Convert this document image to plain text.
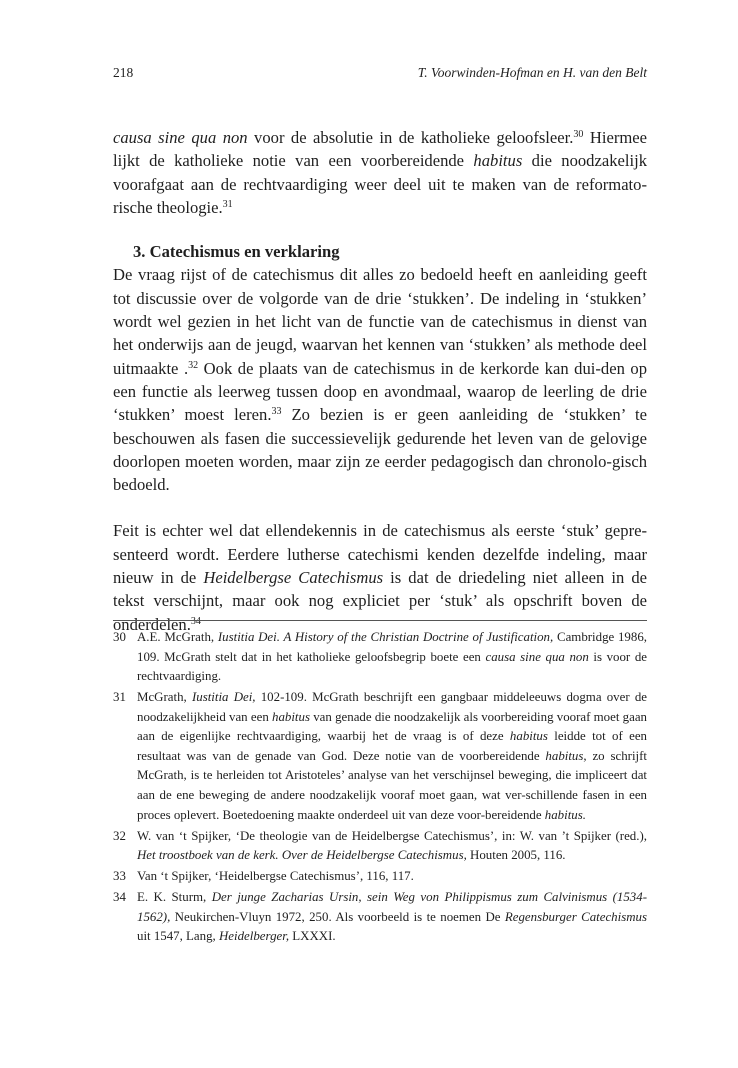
218	T. Voorwinden-Hofman en H. van den Belt

causa sine qua non voor de absolutie in de katholieke geloofsleer.$^{30}$ Hiermee lijkt de katholieke notie van een voorbereidende habitus die noodzakelijk voorafgaat aan de rechtvaardiging weer deel uit te maken van de reformato-rische theologie.$^{31}$

3. Catechismus en verklaring

De vraag rijst of de catechismus dit alles zo bedoeld heeft en aanleiding geeft tot discussie over de volgorde van de drie ‘stukken’. De indeling in ‘stukken’ wordt wel gezien in het licht van de functie van de catechismus in dienst van het onderwijs aan de jeugd, waarvan het kennen van ‘stukken’ als methode deel uitmaakte .$^{32}$ Ook de plaats van de catechismus in de kerkorde kan dui-den op een functie als leerweg tussen doop en avondmaal, waarop de leerling de drie ‘stukken’ moest leren.$^{33}$ Zo bezien is er geen aanleiding de ‘stukken’ te beschouwen als fasen die successievelijk gedurende het leven van de gelovige doorlopen moeten worden, maar zijn ze eerder pedagogisch dan chronolo-gisch bedoeld.

Feit is echter wel dat ellendekennis in de catechismus als eerste ‘stuk’ gepre-senteerd wordt. Eerdere lutherse catechismi kenden dezelfde indeling, maar nieuw in de Heidelbergse Catechismus is dat de driedeling niet alleen in de tekst verschijnt, maar ook nog expliciet per ‘stuk’ als opschrift boven de onderdelen.$^{34}$

30 A.E. McGrath, Iustitia Dei. A History of the Christian Doctrine of Justification, Cambridge 1986, 109. McGrath stelt dat in het katholieke geloofsbegrip boete een causa sine qua non is voor de rechtvaardiging.
31 McGrath, Iustitia Dei, 102-109. McGrath beschrijft een gangbaar middeleeuws dogma over de noodzakelijkheid van een habitus van genade die noodzakelijk als voorbereiding vooraf moet gaan aan de eigenlijke rechtvaardiging, waarbij het de vraag is of deze habitus leidde tot of een resultaat was van de genade van God. Deze notie van de voorbereidende habitus, zo schrijft McGrath, is te herleiden tot Aristoteles’ analyse van het verschijnsel beweging, die impliceert dat aan de ene beweging de andere noodzakelijk vooraf moet gaan, wat ver-schillende fasen in een proces oplevert. Boetedoening maakte onderdeel uit van deze voor-bereidende habitus.
32 W. van ‘t Spijker, ‘De theologie van de Heidelbergse Catechismus’, in: W. van ’t Spijker (red.), Het troostboek van de kerk. Over de Heidelbergse Catechismus, Houten 2005, 116.
33 Van ‘t Spijker, ‘Heidelbergse Catechismus’, 116, 117.
34 E. K. Sturm, Der junge Zacharias Ursin, sein Weg von Philippismus zum Calvinismus (1534-1562), Neukirchen-Vluyn 1972, 250. Als voorbeeld is te noemen De Regensburger Catechismus uit 1547, Lang, Heidelberger, LXXXI.
